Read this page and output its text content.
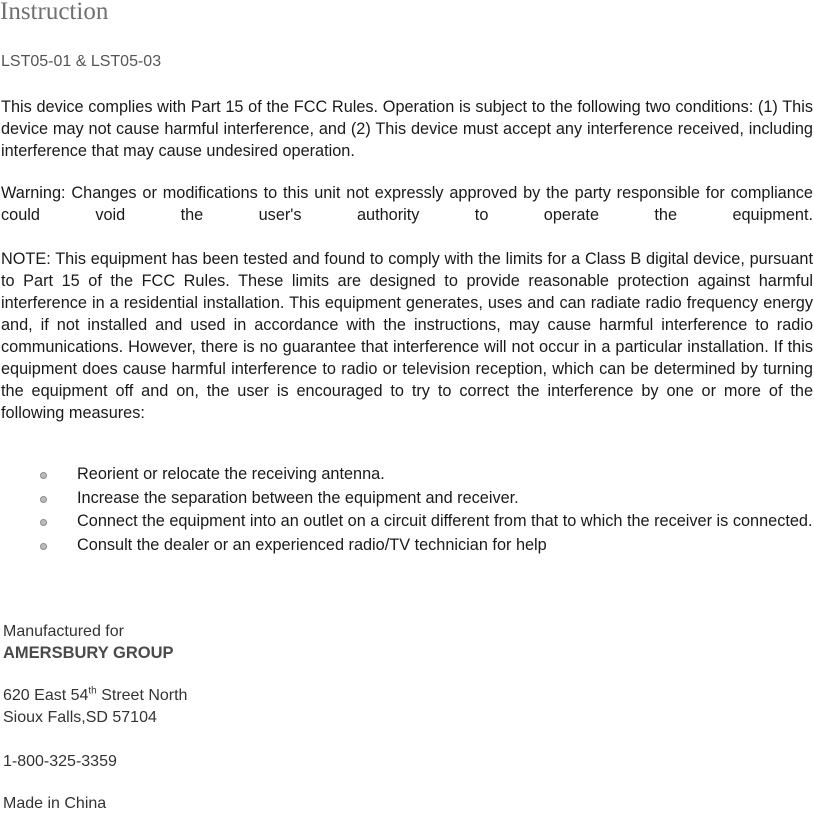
Instruction
LST05-01 & LST05-03

This device complies with Part 15 of the FCC Rules. Operation is subject to the following two conditions: (1) This device may not cause harmful interference, and (2) This device must accept any interference received, including interference that may cause undesired operation.

Warning: Changes or modifications to this unit not expressly approved by the party responsible for compliance could void the user's authority to operate the equipment.

NOTE: This equipment has been tested and found to comply with the limits for a Class B digital device, pursuant to Part 15 of the FCC Rules. These limits are designed to provide reasonable protection against harmful interference in a residential installation. This equipment generates, uses and can radiate radio frequency energy and, if not installed and used in accordance with the instructions, may cause harmful interference to radio communications. However, there is no guarantee that interference will not occur in a particular installation. If this equipment does cause harmful interference to radio or television reception, which can be determined by turning the equipment off and on, the user is encouraged to try to correct the interference by one or more of the following measures:

Reorient or relocate the receiving antenna.
Increase the separation between the equipment and receiver.
Connect the equipment into an outlet on a circuit different from that to which the receiver is connected.
Consult the dealer or an experienced radio/TV technician for help
Manufactured for
AMERSBURY GROUP
620 East 54th Street North
Sioux Falls,SD 57104
1-800-325-3359
Made in China
